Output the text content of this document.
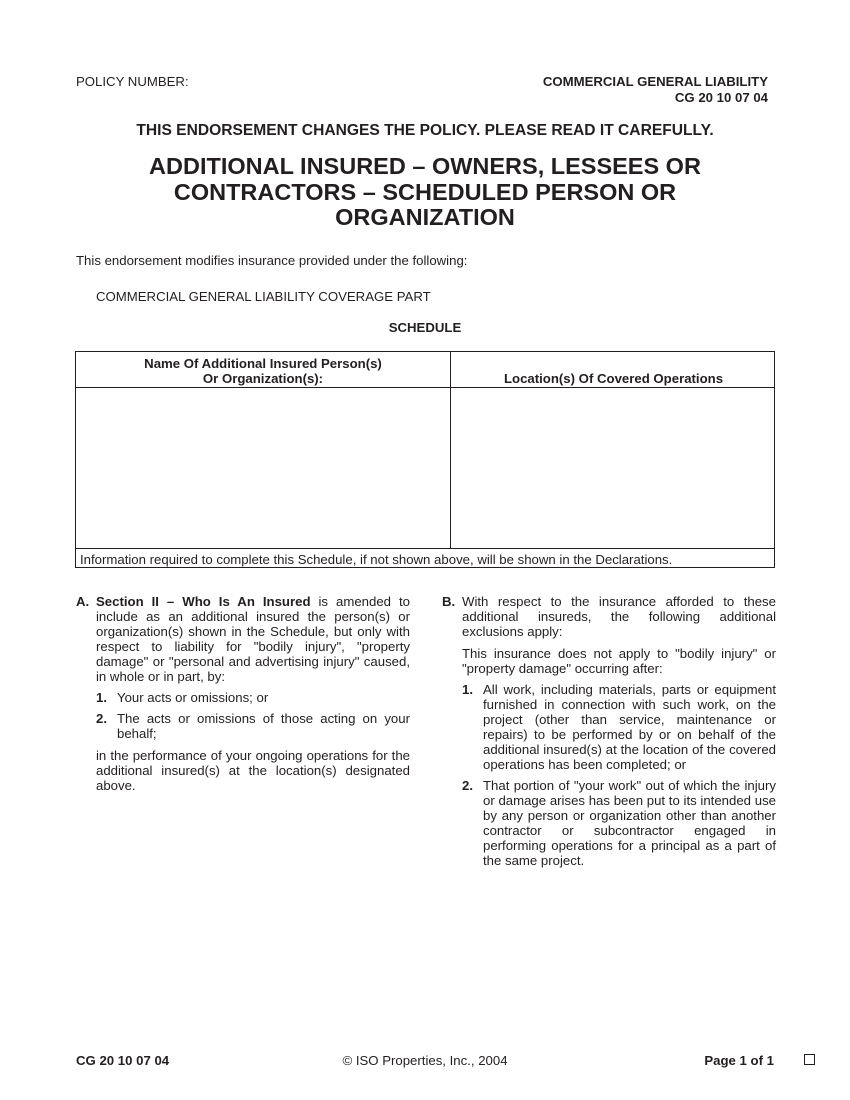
POLICY NUMBER:	COMMERCIAL GENERAL LIABILITY
CG 20 10 07 04
THIS ENDORSEMENT CHANGES THE POLICY. PLEASE READ IT CAREFULLY.
ADDITIONAL INSURED – OWNERS, LESSEES OR
CONTRACTORS – SCHEDULED PERSON OR
ORGANIZATION
This endorsement modifies insurance provided under the following:
COMMERCIAL GENERAL LIABILITY COVERAGE PART
SCHEDULE
Name Of Additional Insured Person(s)
Or Organization(s):	Location(s) Of Covered Operations
Information required to complete this Schedule, if not shown above, will be shown in the Declarations.
A. Section II – Who Is An Insured is amended to include as an additional insured the person(s) or organization(s) shown in the Schedule, but only with respect to liability for "bodily injury", "property damage" or "personal and advertising injury" caused, in whole or in part, by:
1. Your acts or omissions; or
2. The acts or omissions of those acting on your behalf;
in the performance of your ongoing operations for the additional insured(s) at the location(s) designated above.
B. With respect to the insurance afforded to these additional insureds, the following additional exclusions apply:
This insurance does not apply to "bodily injury" or "property damage" occurring after:
1. All work, including materials, parts or equipment furnished in connection with such work, on the project (other than service, maintenance or repairs) to be performed by or on behalf of the additional insured(s) at the location of the covered operations has been completed; or
2. That portion of "your work" out of which the injury or damage arises has been put to its intended use by any person or organization other than another contractor or subcontractor engaged in performing operations for a principal as a part of the same project.
CG 20 10 07 04	© ISO Properties, Inc., 2004	Page 1 of 1
